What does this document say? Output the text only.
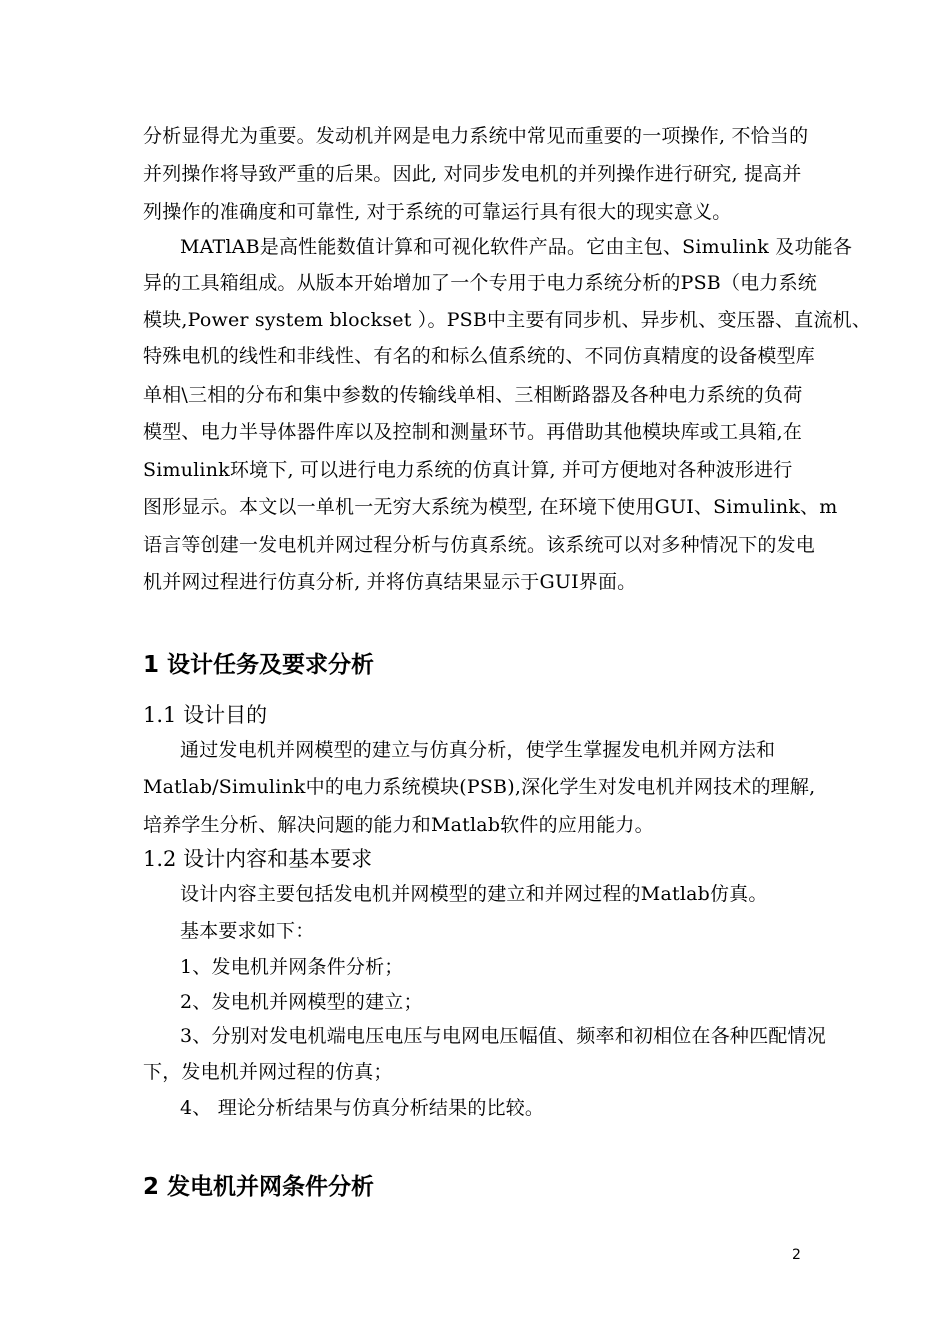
分析显得尤为重要。发动机并网是电力系统中常见而重要的一项操作, 不恰当的
并列操作将导致严重的后果。因此, 对同步发电机的并列操作进行研究, 提高并
列操作的准确度和可靠性, 对于系统的可靠运行具有很大的现实意义。
MATlAB是高性能数值计算和可视化软件产品。它由主包、Simulink 及功能各
异的工具箱组成。从版本开始增加了一个专用于电力系统分析的PSB（电力系统
模块,Power system blockset ）。PSB中主要有同步机、异步机、变压器、直流机、
特殊电机的线性和非线性、有名的和标么值系统的、不同仿真精度的设备模型库
单相\三相的分布和集中参数的传输线单相、三相断路器及各种电力系统的负荷
模型、电力半导体器件库以及控制和测量环节。再借助其他模块库或工具箱,在
Simulink环境下, 可以进行电力系统的仿真计算, 并可方便地对各种波形进行
图形显示。本文以一单机一无穷大系统为模型, 在环境下使用GUI、Simulink、m
语言等创建一发电机并网过程分析与仿真系统。该系统可以对多种情况下的发电
机并网过程进行仿真分析, 并将仿真结果显示于GUI界面。
1 设计任务及要求分析
1.1 设计目的
通过发电机并网模型的建立与仿真分析，使学生掌握发电机并网方法和
Matlab/Simulink中的电力系统模块(PSB),深化学生对发电机并网技术的理解,
培养学生分析、解决问题的能力和Matlab软件的应用能力。
1.2 设计内容和基本要求
设计内容主要包括发电机并网模型的建立和并网过程的Matlab仿真。
基本要求如下：
1、发电机并网条件分析；
2、发电机并网模型的建立；
3、分别对发电机端电压电压与电网电压幅值、频率和初相位在各种匹配情况
下，发电机并网过程的仿真；
4、 理论分析结果与仿真分析结果的比较。
2 发电机并网条件分析
2
